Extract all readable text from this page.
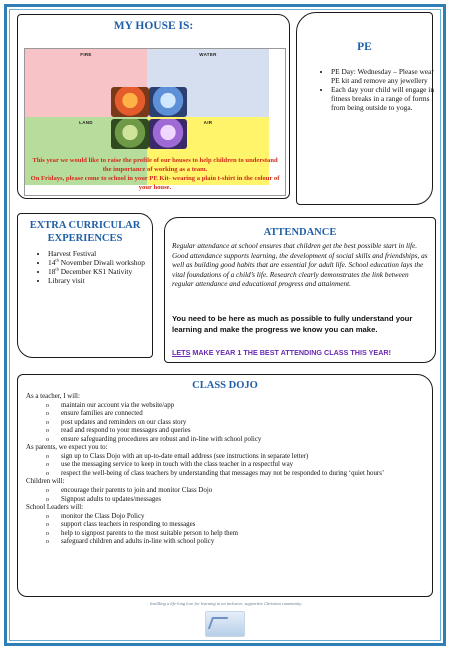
MY HOUSE IS:
FIRE	WATER
LAND	AIR
This year we would like to raise the profile of our houses to help children to understand the importance of working as a team.
On Fridays, please come to school in your PE Kit- wearing a plain t-shirt in the colour of your house.
PE
• PE Day: Wednesday – Please wear PE kit and remove any jewellery
• Each day your child will engage in fitness breaks in a range of forms from being outside to yoga.
EXTRA CURRICULAR EXPERIENCES
• Harvest Festival
• 14th November Diwali workshop
• 18th December KS1 Nativity
• Library visit
ATTENDANCE
Regular attendance at school ensures that children get the best possible start in life. Good attendance supports learning, the development of social skills and friendships, as well as building good habits that are essential for adult life. School education lays the vital foundations of a child’s life. Research clearly demonstrates the link between regular attendance and educational progress and attainment.
You need to be here as much as possible to fully understand your learning and make the progress we know you can make.
LETS MAKE YEAR 1 THE BEST ATTENDING CLASS THIS YEAR!
CLASS DOJO

As a teacher, I will:

o maintain our account via the website/app
o ensure families are connected
o post updates and reminders on our class story
o read and respond to your messages and queries
o ensure safeguarding procedures are robust and in-line with school policy

As parents, we expect you to:

o sign up to Class Dojo with an up-to-date email address (see instructions in separate letter)
o use the messaging service to keep in touch with the class teacher in a respectful way
o respect the well-being of class teachers by understanding that messages may not be responded to during ‘quiet hours’

Children will:

o encourage their parents to join and monitor Class Dojo
o Signpost adults to updates/messages

School Leaders will:

o monitor the Class Dojo Policy
o support class teachers in responding to messages
o help to signpost parents to the most suitable person to help them
o safeguard children and adults in-line with school policy
Instilling a life-long love for learning in an inclusive, supportive Christian community.
